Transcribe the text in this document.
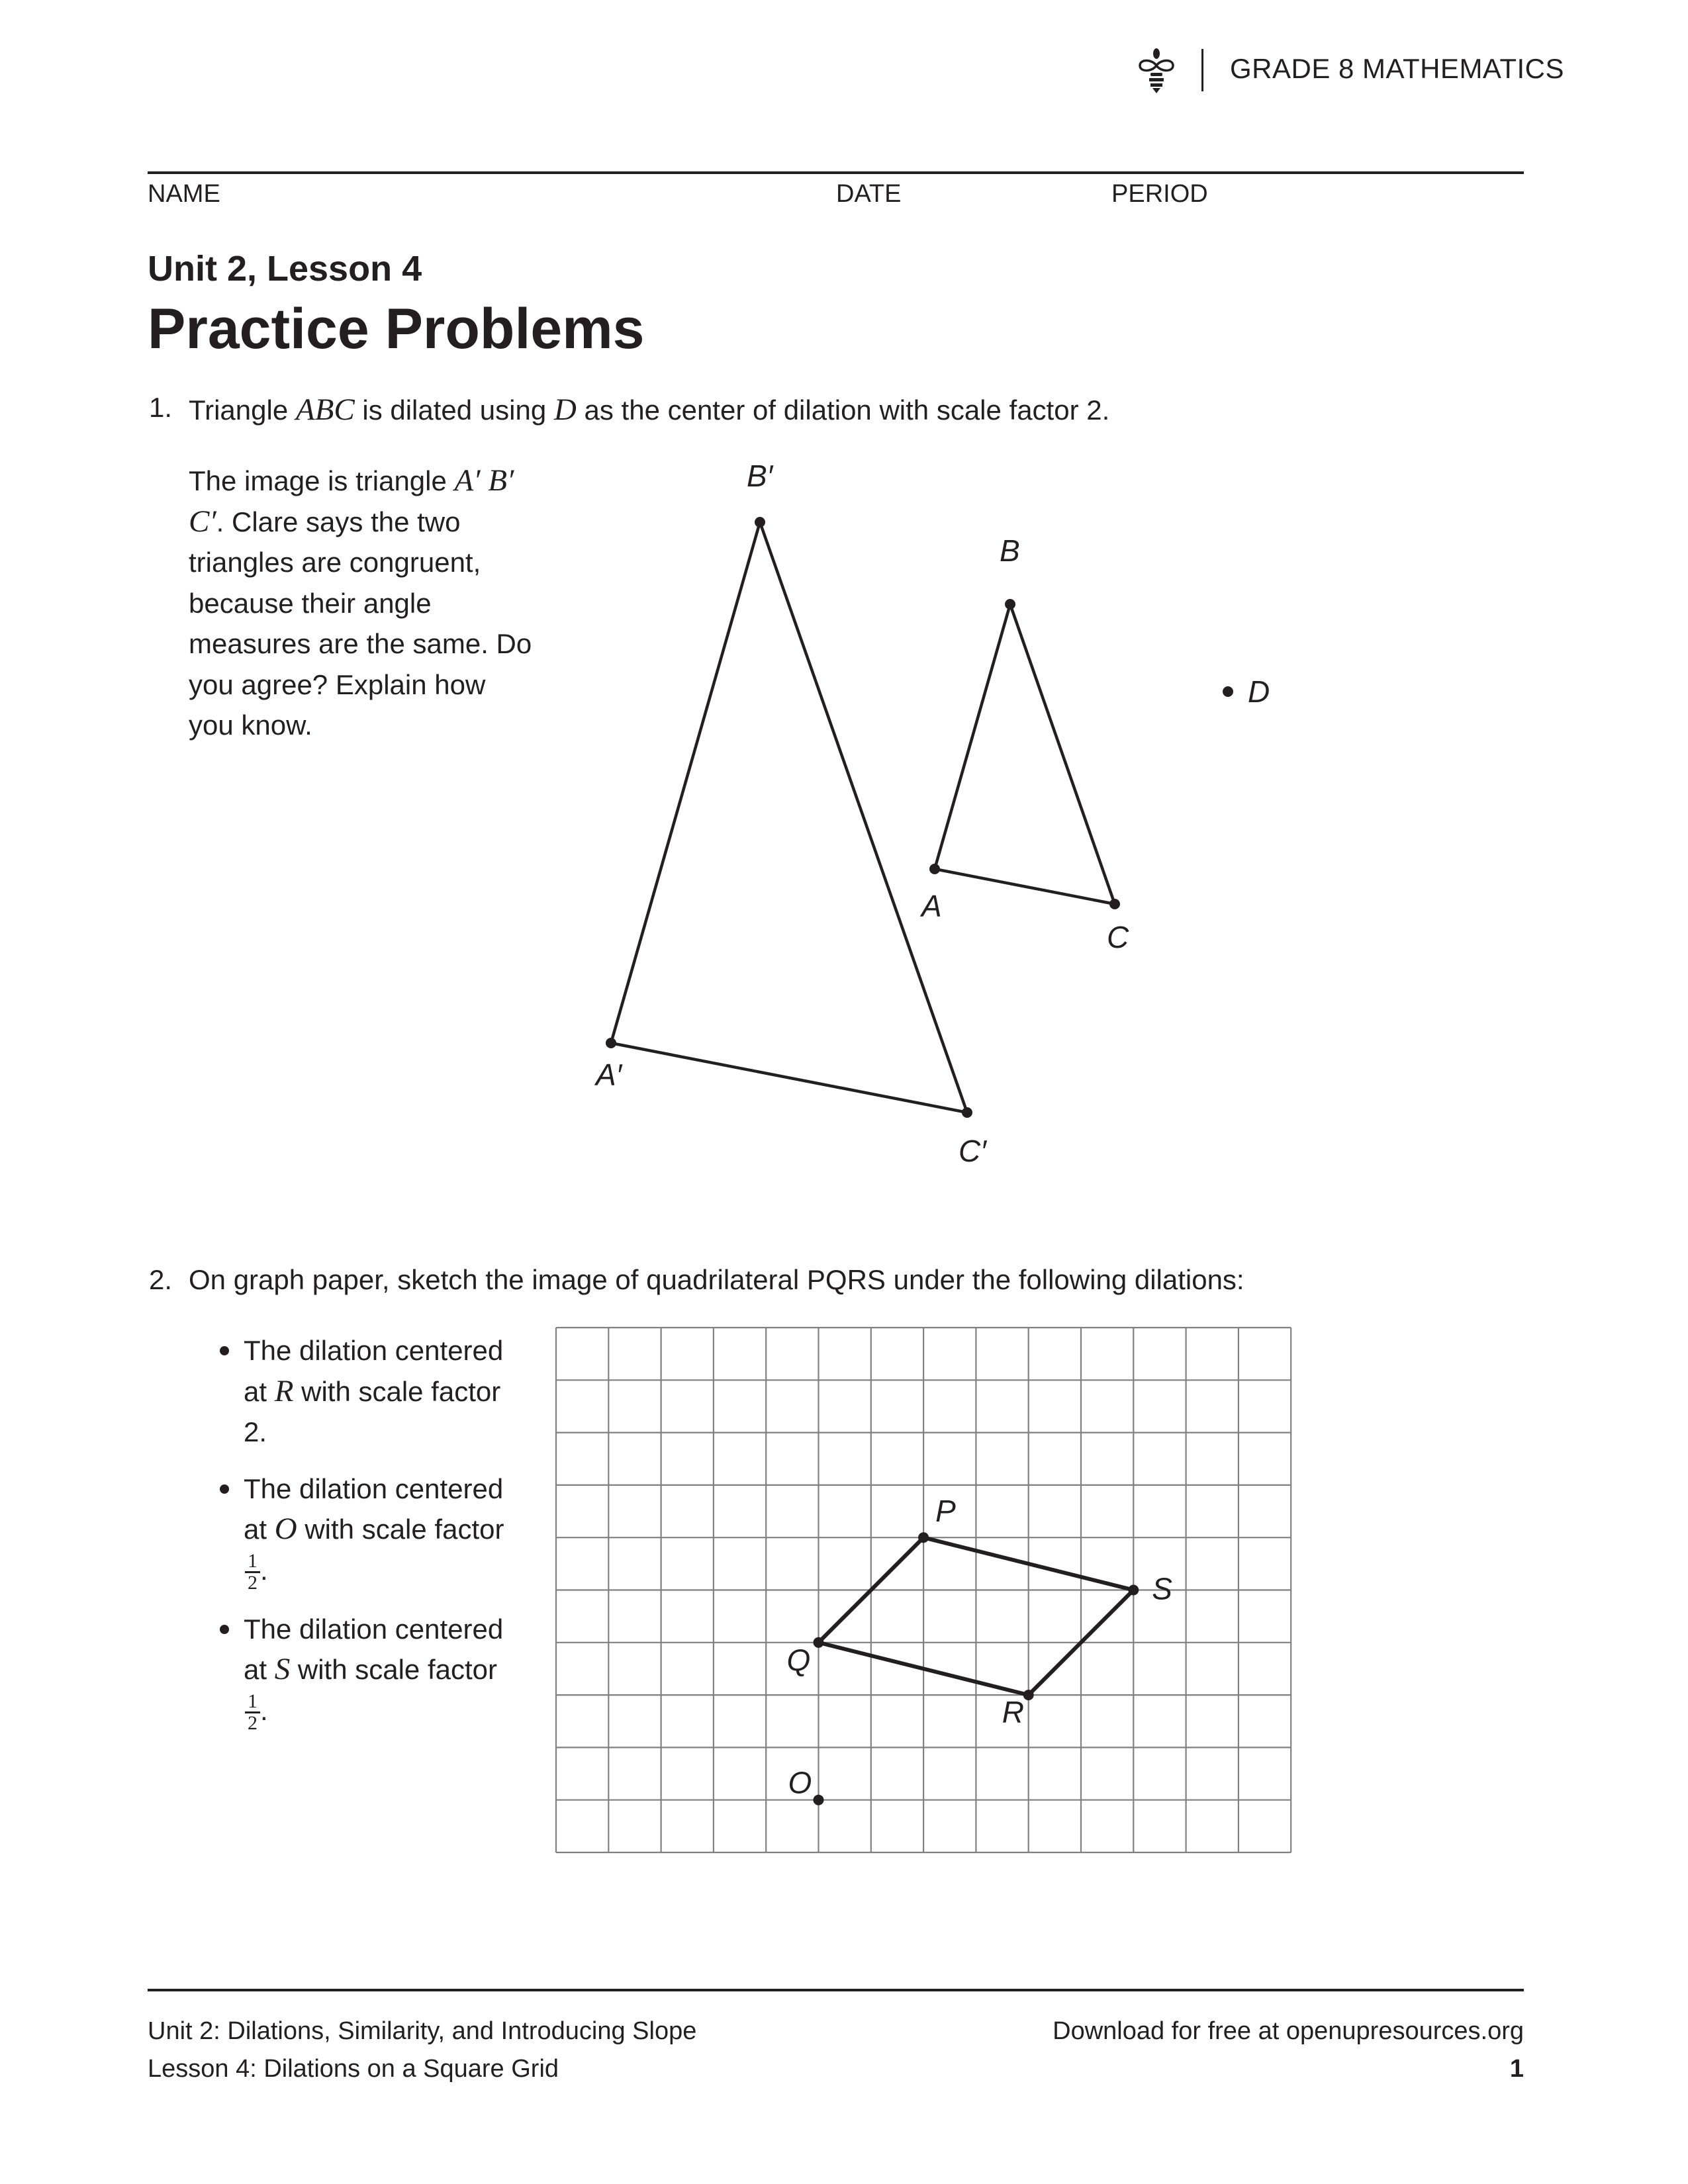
GRADE 8 MATHEMATICS
NAME	DATE	PERIOD
Unit 2, Lesson 4
Practice Problems
1. Triangle ABC is dilated using D as the center of dilation with scale factor 2.

The image is triangle A′ B′ C′. Clare says the two triangles are congruent, because their angle measures are the same. Do you agree? Explain how you know.

B′
A′
C′
B
A
C
D
2. On graph paper, sketch the image of quadrilateral PQRS under the following dilations:
The dilation centered at R with scale factor 2.
The dilation centered at O with scale factor

$\frac{1}{2}$ .
The dilation centered at S with scale factor

$\frac{1}{2}$ .
P
S
Q
R
O
Unit 2: Dilations, Similarity, and Introducing Slope
Lesson 4: Dilations on a Square Grid
Download for free at openupresources.org
1
